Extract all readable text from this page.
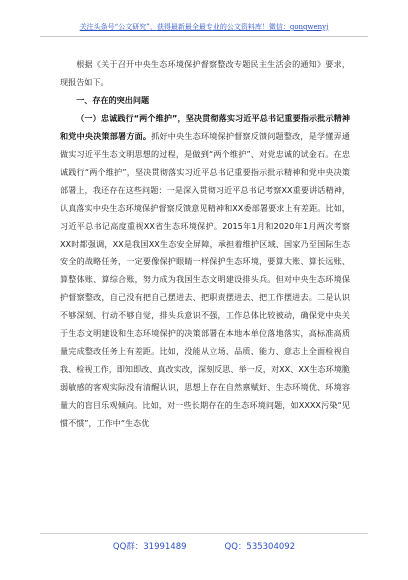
关注头条号“公文研究”，获得最新最全最专业的公文资料库！微信：gongwenyj

根据《关于召开中央生态环境保护督察整改专题民主生活会的通知》要求，现报告如下。

一、存在的突出问题

（一）忠诚践行“两个维护”，坚决贯彻落实习近平总书记重要指示批示精神和党中央决策部署方面。抓好中央生态环境保护督察反馈问题整改，是学懂弄通做实习近平生态文明思想的过程，是做到“两个维护”、对党忠诚的试金石。在忠诚践行“两个维护”，坚决贯彻落实习近平总书记重要指示批示精神和党中央决策部署上，我还存在这些问题：一是深入贯彻习近平总书记考察XX重要讲话精神，认真落实中央生态环境保护督察反馈意见精神和XX委部署要求上有差距。比如，习近平总书记高度重视XX省生态环境保护。2015年1月和2020年1月两次考察XX时都强调，XX是我国XX生态安全屏障，承担着维护区域、国家乃至国际生态安全的战略任务，一定要像保护眼睛一样保护生态环境，要算大账、算长远账、算整体账、算综合账，努力成为我国生态文明建设排头兵。但对中央生态环境保护督察整改，自己没有把自己摆进去、把职责摆进去、把工作摆进去。二是认识不够深刻、行动不够自觉，排头兵意识不强，工作总体比较被动，确保党中央关于生态文明建设和生态环境保护的决策部署在本地本单位落地落实，高标准高质量完成整改任务上有差距。比如，没能从立场、品质、能力、意志上全面检视自我、检视工作，即知即改、真改实改，深刻反思、举一反，对XX、XX生态环境脆弱敏感的客观实际没有清醒认识，思想上存在自然禀赋好、生态环境优、环境容量大的盲目乐观倾向。比如，对一些长期存在的生态环境问题，如XXXX污染“见惯不惯”，工作中“生态优

QQ群：31991489	QQ：535304092
